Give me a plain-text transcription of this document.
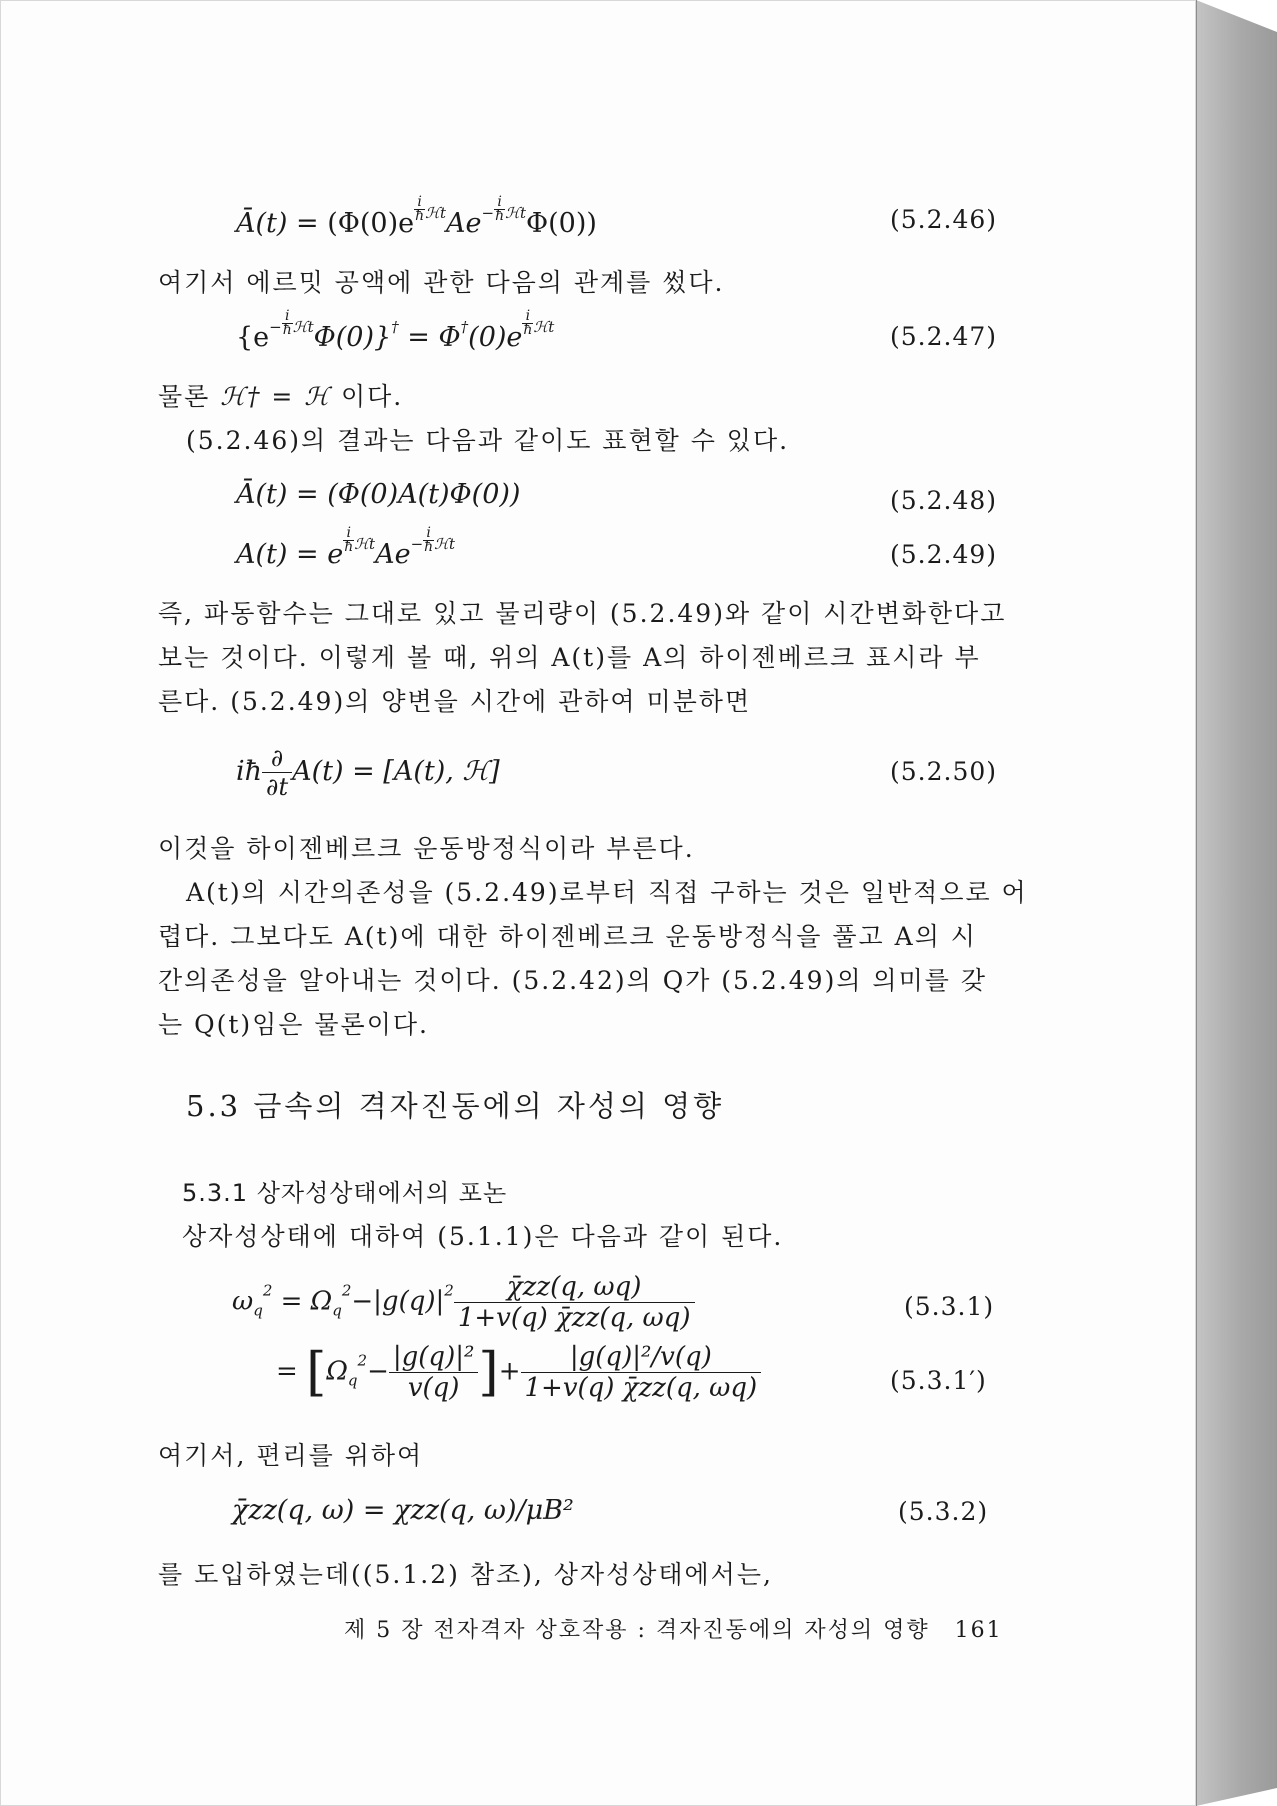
Ā(t) = $(\Phi(0)e \frac{i}{ħ} ^{ℋt}Ae^- \frac{i}{ħ} ^{ℋt}\Phi(0))$	(5.2.46)
여기서 에르밋 공액에 관한 다음의 관계를 썼다.
$\{e^- \frac{i}{ħ} ^{ℋt}\Phi(0)\}^\dagger = \Phi^\dagger(0)e \frac{i}{ħ} ^{ℋt}$	(5.2.47)
물론 ℋ† = ℋ 이다.
(5.2.46)의 결과는 다음과 같이도 표현할 수 있다.
Ā(t) = (Φ(0)A(t)Φ(0))	(5.2.48)
A(t) = e $\frac{i}{ħ} ^{ℋt}Ae^- \frac{i}{ħ} ^{ℋt}$	(5.2.49)
즉, 파동함수는 그대로 있고 물리량이 (5.2.49)와 같이 시간변화한다고
보는 것이다. 이렇게 볼 때, 위의 A(t)를 A의 하이젠베르크 표시라 부
른다. (5.2.49)의 양변을 시간에 관하여 미분하면
iħ $\frac{\partial}{\partial t} A(t) = [A(t)$, ℋ]	(5.2.50)
이것을 하이젠베르크 운동방정식이라 부른다.
A(t)의 시간의존성을 (5.2.49)로부터 직접 구하는 것은 일반적으로 어
렵다. 그보다도 A(t)에 대한 하이젠베르크 운동방정식을 풀고 A의 시
간의존성을 알아내는 것이다. (5.2.42)의 Q가 (5.2.49)의 의미를 갖
는 Q(t)임은 물론이다.
5.3 금속의 격자진동에의 자성의 영향
5.3.1 상자성상태에서의 포논
상자성상태에 대하여 (5.1.1)은 다음과 같이 된다.
$\omega_q^2 = \Omega_q^2-|g(q)|^2 \frac{\chīzz(q, \omega q)}{1+v(q) \chīzz(q, \omega q)}$	(5.3.1)
= [$\Omega_q^2- \frac{\text{|g(q)|²}}{v(q)}$ ]+ $\frac{\text{|g(q)|²/v(q)}}{1+v(q) \chīzz(q, \omega q)}$	(5.3.1′)
여기서, 편리를 위하여
χ̄zz(q, ω) = χzz(q, ω)/μB²	(5.3.2)
를 도입하였는데((5.1.2) 참조), 상자성상태에서는,
제 5 장 전자격자 상호작용 : 격자진동에의 자성의 영향 161
